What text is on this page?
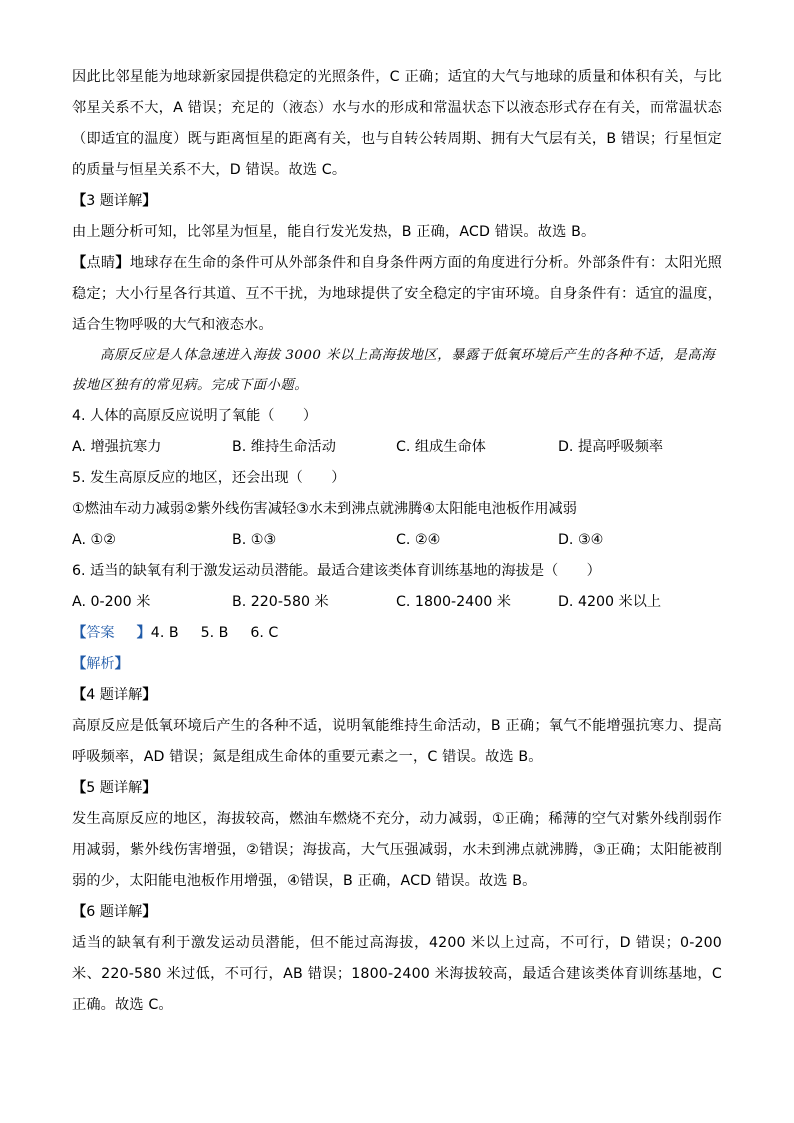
因此比邻星能为地球新家园提供稳定的光照条件，C 正确；适宜的大气与地球的质量和体积有关，与比邻星关系不大，A 错误；充足的（液态）水与水的形成和常温状态下以液态形式存在有关，而常温状态（即适宜的温度）既与距离恒星的距离有关，也与自转公转周期、拥有大气层有关，B 错误；行星恒定的质量与恒星关系不大，D 错误。故选 C。

【3 题详解】

由上题分析可知，比邻星为恒星，能自行发光发热，B 正确，ACD 错误。故选 B。

【点睛】地球存在生命的条件可从外部条件和自身条件两方面的角度进行分析。外部条件有：太阳光照稳定；大小行星各行其道、互不干扰，为地球提供了安全稳定的宇宙环境。自身条件有：适宜的温度，适合生物呼吸的大气和液态水。

高原反应是人体急速进入海拔 3000 米以上高海拔地区，暴露于低氧环境后产生的各种不适，是高海拔地区独有的常见病。完成下面小题。

4. 人体的高原反应说明了氧能（　　）

A. 增强抗寒力	B. 维持生命活动	C. 组成生命体	D. 提高呼吸频率

5. 发生高原反应的地区，还会出现（　　）

①燃油车动力减弱②紫外线伤害减轻③水未到沸点就沸腾④太阳能电池板作用减弱

A. ①②	B. ①③	C. ②④	D. ③④

6. 适当的缺氧有利于激发运动员潜能。最适合建该类体育训练基地的海拔是（　　）

A. 0-200 米	B. 220-580 米	C. 1800-2400 米	D. 4200 米以上

【答案 】4. B 5. B 6. C

【解析】

【4 题详解】

高原反应是低氧环境后产生的各种不适，说明氧能维持生命活动，B 正确；氧气不能增强抗寒力、提高呼吸频率，AD 错误；氮是组成生命体的重要元素之一，C 错误。故选 B。

【5 题详解】

发生高原反应的地区，海拔较高，燃油车燃烧不充分，动力减弱，①正确；稀薄的空气对紫外线削弱作用减弱，紫外线伤害增强，②错误；海拔高，大气压强减弱，水未到沸点就沸腾，③正确；太阳能被削弱的少，太阳能电池板作用增强，④错误，B 正确，ACD 错误。故选 B。

【6 题详解】

适当的缺氧有利于激发运动员潜能，但不能过高海拔，4200 米以上过高，不可行，D 错误；0-200 米、220-580 米过低，不可行，AB 错误；1800-2400 米海拔较高，最适合建该类体育训练基地，C 正确。故选 C。
